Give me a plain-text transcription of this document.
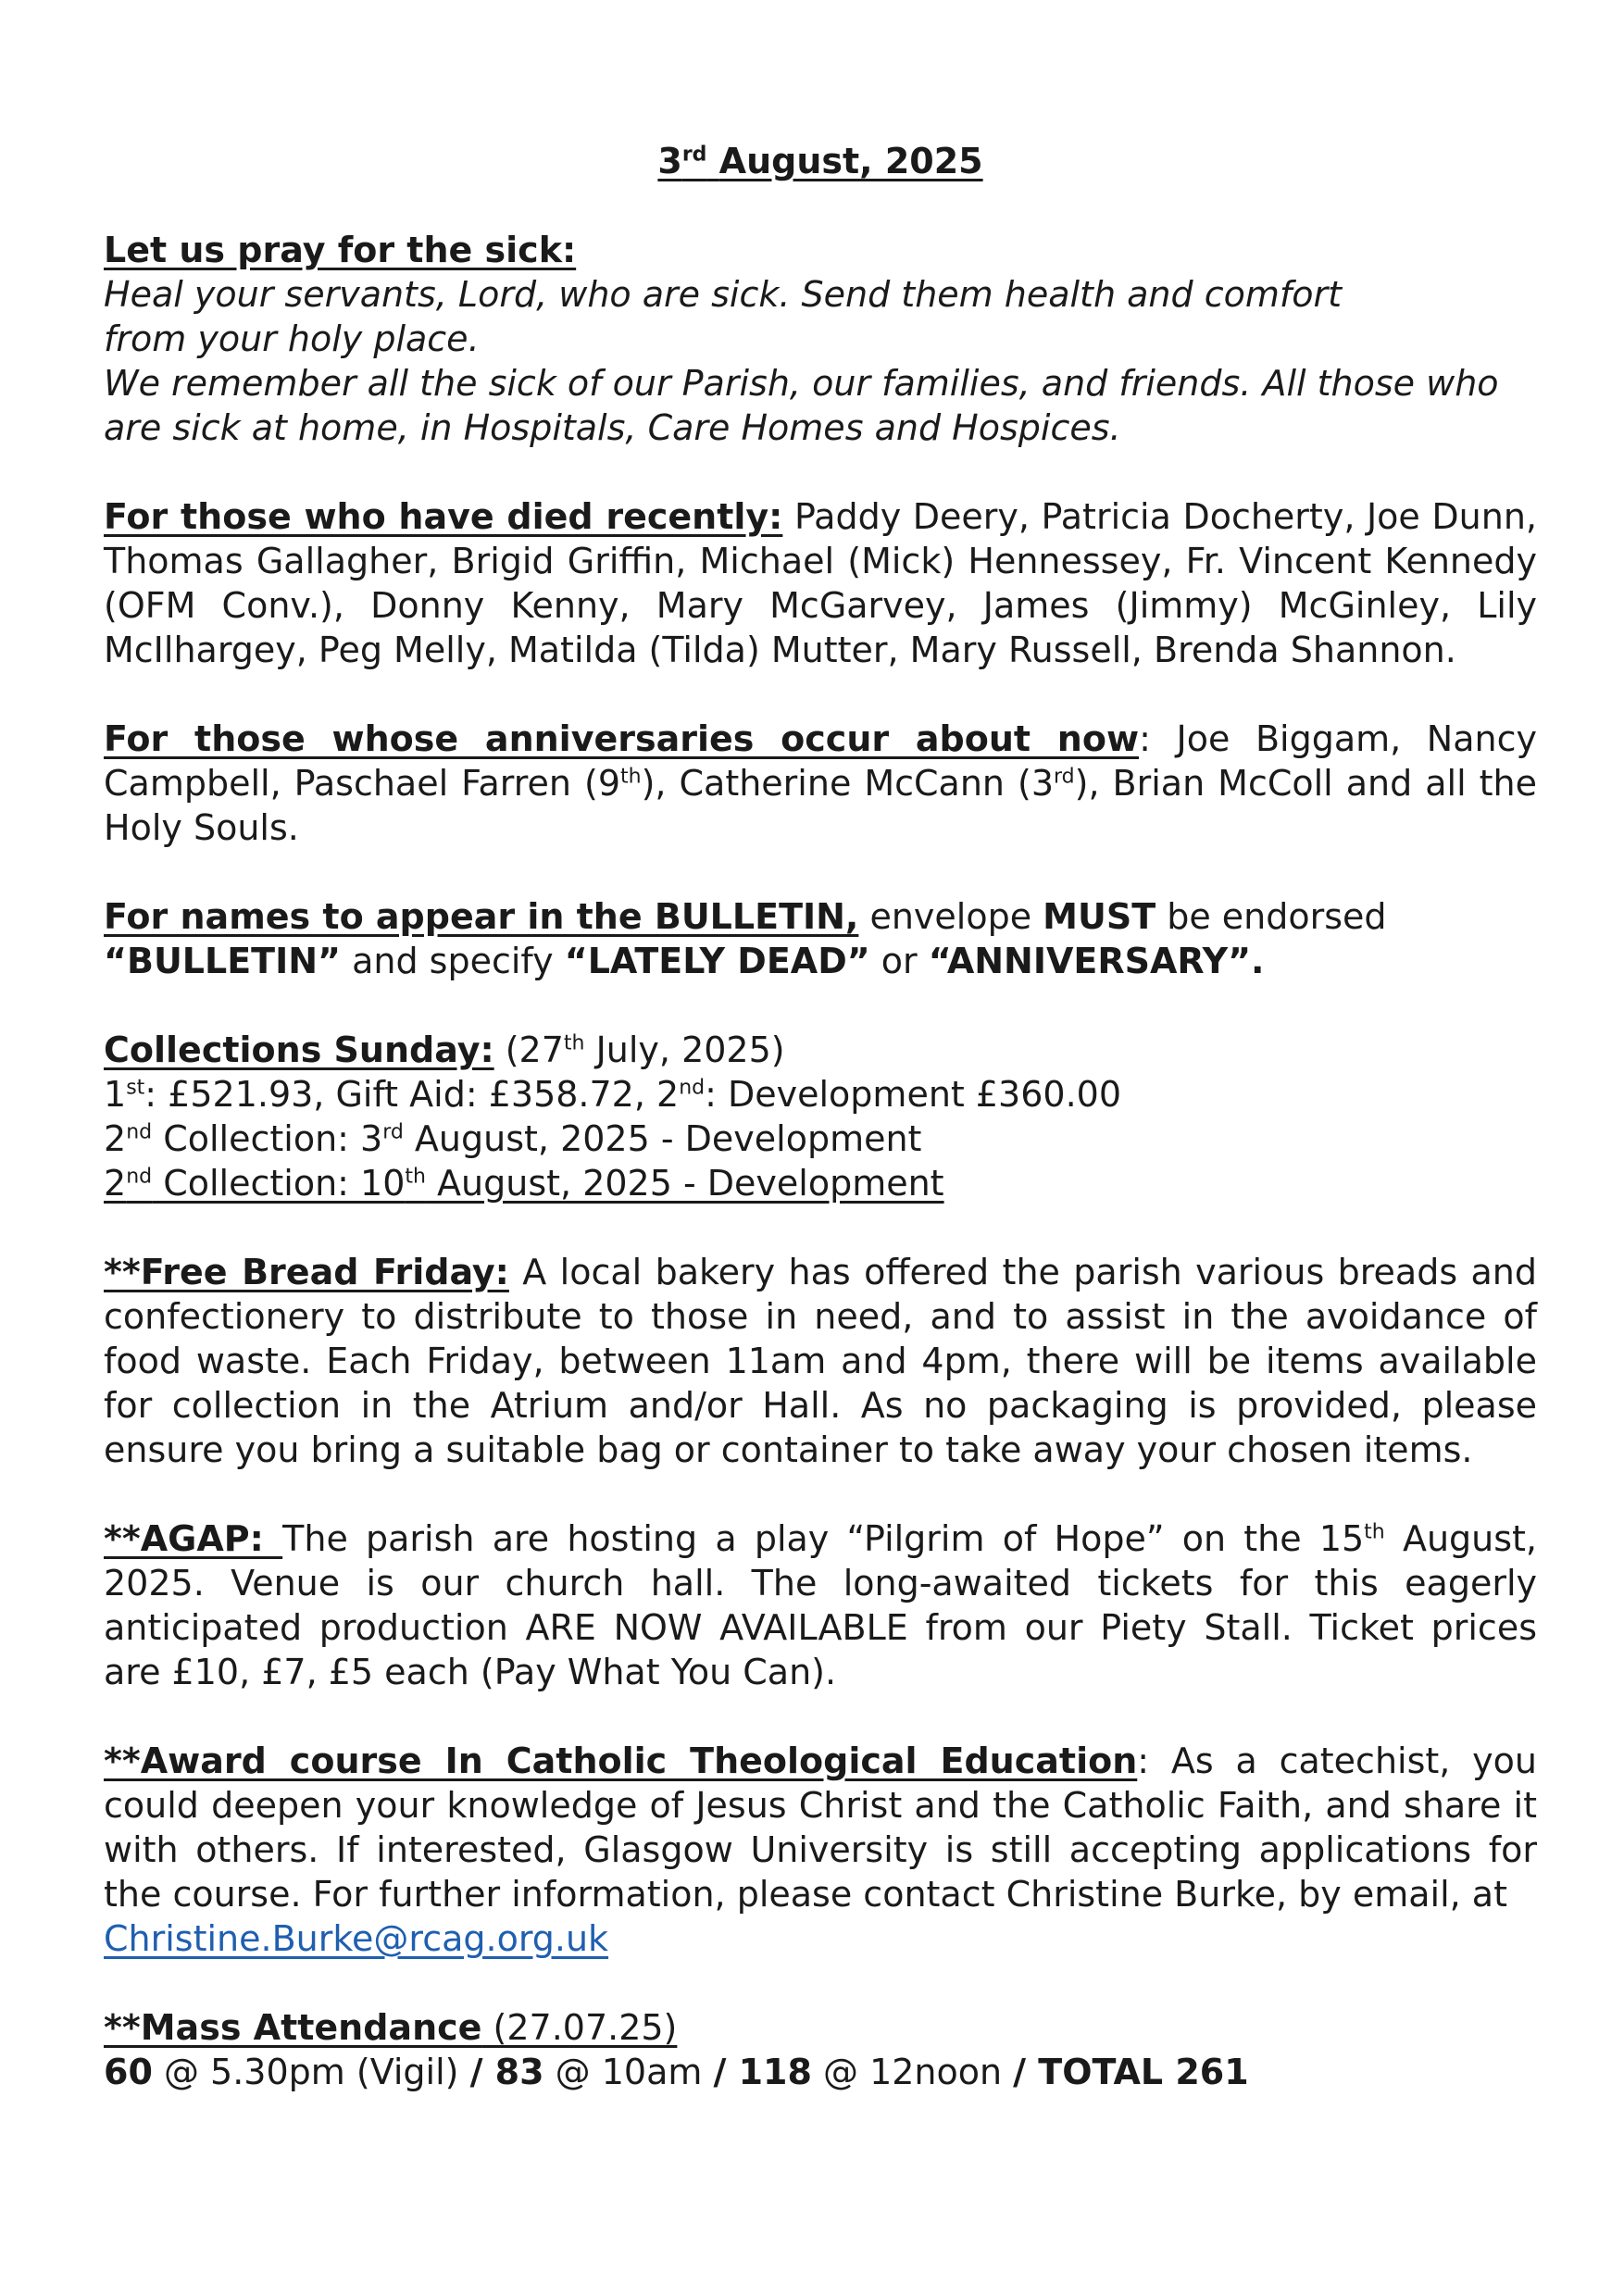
3rd August, 2025
Let us pray for the sick:
Heal your servants, Lord, who are sick. Send them health and comfort
from your holy place.
We remember all the sick of our Parish, our families, and friends. All those who are sick at home, in Hospitals, Care Homes and Hospices.
For those who have died recently: Paddy Deery, Patricia Docherty, Joe Dunn, Thomas Gallagher, Brigid Griffin, Michael (Mick) Hennessey, Fr. Vincent Kennedy (OFM Conv.), Donny Kenny, Mary McGarvey, James (Jimmy) McGinley, Lily McIlhargey, Peg Melly, Matilda (Tilda) Mutter, Mary Russell, Brenda Shannon.
For those whose anniversaries occur about now: Joe Biggam, Nancy Campbell, Paschael Farren (9th), Catherine McCann (3rd), Brian McColl and all the Holy Souls.
For names to appear in the BULLETIN, envelope MUST be endorsed “BULLETIN” and specify “LATELY DEAD” or “ANNIVERSARY”.
Collections Sunday: (27th July, 2025)
1st: £521.93, Gift Aid: £358.72, 2nd: Development £360.00
2nd Collection: 3rd August, 2025 - Development
2nd Collection: 10th August, 2025 - Development
**Free Bread Friday: A local bakery has offered the parish various breads and confectionery to distribute to those in need, and to assist in the avoidance of food waste. Each Friday, between 11am and 4pm, there will be items available for collection in the Atrium and/or Hall. As no packaging is provided, please ensure you bring a suitable bag or container to take away your chosen items.
**AGAP: The parish are hosting a play “Pilgrim of Hope” on the 15th August, 2025. Venue is our church hall. The long-awaited tickets for this eagerly anticipated production ARE NOW AVAILABLE from our Piety Stall. Ticket prices are £10, £7, £5 each (Pay What You Can).
**Award course In Catholic Theological Education: As a catechist, you could deepen your knowledge of Jesus Christ and the Catholic Faith, and share it with others. If interested, Glasgow University is still accepting applications for the course. For further information, please contact Christine Burke, by email, at
Christine.Burke@rcag.org.uk
**Mass Attendance (27.07.25)
60 @ 5.30pm (Vigil) / 83 @ 10am / 118 @ 12noon / TOTAL 261
